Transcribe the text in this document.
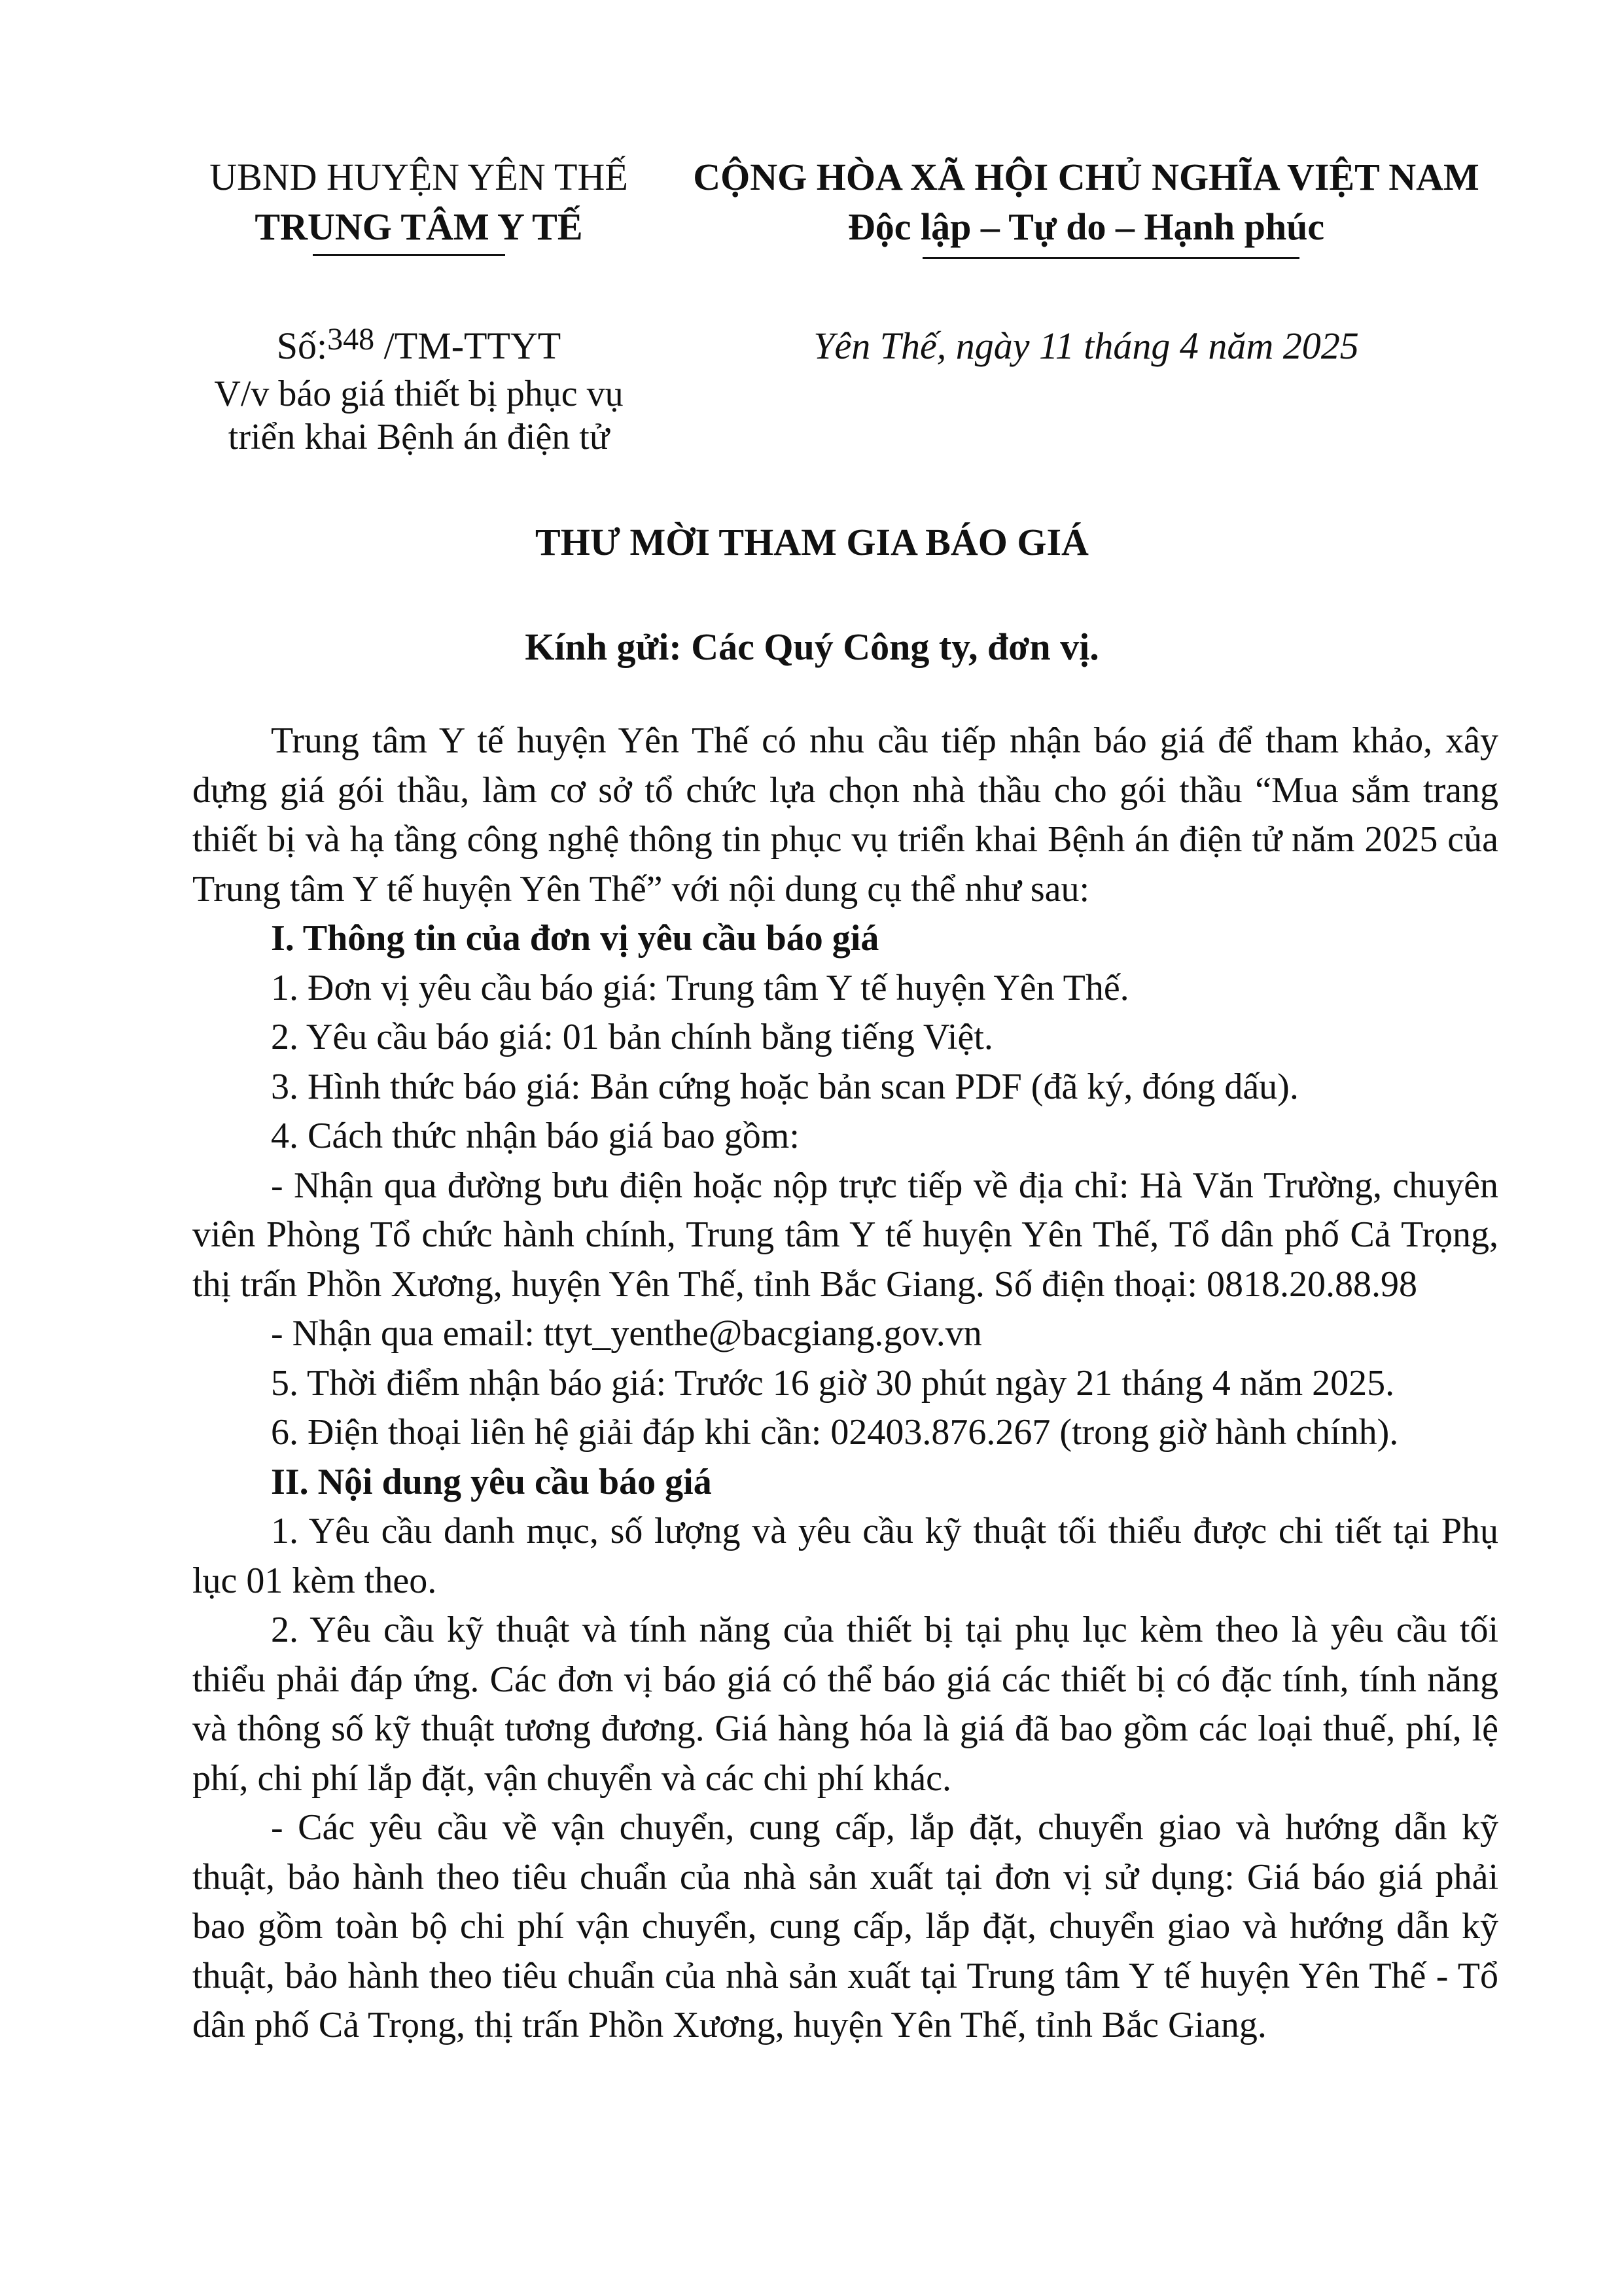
UBND HUYỆN YÊN THẾ
TRUNG TÂM Y TẾ
CỘNG HÒA XÃ HỘI CHỦ NGHĨA VIỆT NAM
Độc lập – Tự do – Hạnh phúc
Số:$^{348}$ /TM-TTYT
V/v báo giá thiết bị phục vụ
triển khai Bệnh án điện tử
Yên Thế, ngày 11 tháng 4 năm 2025
THƯ MỜI THAM GIA BÁO GIÁ
Kính gửi: Các Quý Công ty, đơn vị.

Trung tâm Y tế huyện Yên Thế có nhu cầu tiếp nhận báo giá để tham khảo, xây dựng giá gói thầu, làm cơ sở tổ chức lựa chọn nhà thầu cho gói thầu “Mua sắm trang thiết bị và hạ tầng công nghệ thông tin phục vụ triển khai Bệnh án điện tử năm 2025 của Trung tâm Y tế huyện Yên Thế” với nội dung cụ thể như sau:

I. Thông tin của đơn vị yêu cầu báo giá

1. Đơn vị yêu cầu báo giá: Trung tâm Y tế huyện Yên Thế.

2. Yêu cầu báo giá: 01 bản chính bằng tiếng Việt.

3. Hình thức báo giá: Bản cứng hoặc bản scan PDF (đã ký, đóng dấu).

4. Cách thức nhận báo giá bao gồm:

- Nhận qua đường bưu điện hoặc nộp trực tiếp về địa chỉ: Hà Văn Trường, chuyên viên Phòng Tổ chức hành chính, Trung tâm Y tế huyện Yên Thế, Tổ dân phố Cả Trọng, thị trấn Phồn Xương, huyện Yên Thế, tỉnh Bắc Giang. Số điện thoại: 0818.20.88.98

- Nhận qua email: ttyt_yenthe@bacgiang.gov.vn

5. Thời điểm nhận báo giá: Trước 16 giờ 30 phút ngày 21 tháng 4 năm 2025.

6. Điện thoại liên hệ giải đáp khi cần: 02403.876.267 (trong giờ hành chính).

II. Nội dung yêu cầu báo giá

1. Yêu cầu danh mục, số lượng và yêu cầu kỹ thuật tối thiểu được chi tiết tại Phụ lục 01 kèm theo.

2. Yêu cầu kỹ thuật và tính năng của thiết bị tại phụ lục kèm theo là yêu cầu tối thiểu phải đáp ứng. Các đơn vị báo giá có thể báo giá các thiết bị có đặc tính, tính năng và thông số kỹ thuật tương đương. Giá hàng hóa là giá đã bao gồm các loại thuế, phí, lệ phí, chi phí lắp đặt, vận chuyển và các chi phí khác.

- Các yêu cầu về vận chuyển, cung cấp, lắp đặt, chuyển giao và hướng dẫn kỹ thuật, bảo hành theo tiêu chuẩn của nhà sản xuất tại đơn vị sử dụng: Giá báo giá phải bao gồm toàn bộ chi phí vận chuyển, cung cấp, lắp đặt, chuyển giao và hướng dẫn kỹ thuật, bảo hành theo tiêu chuẩn của nhà sản xuất tại Trung tâm Y tế huyện Yên Thế - Tổ dân phố Cả Trọng, thị trấn Phồn Xương, huyện Yên Thế, tỉnh Bắc Giang.
